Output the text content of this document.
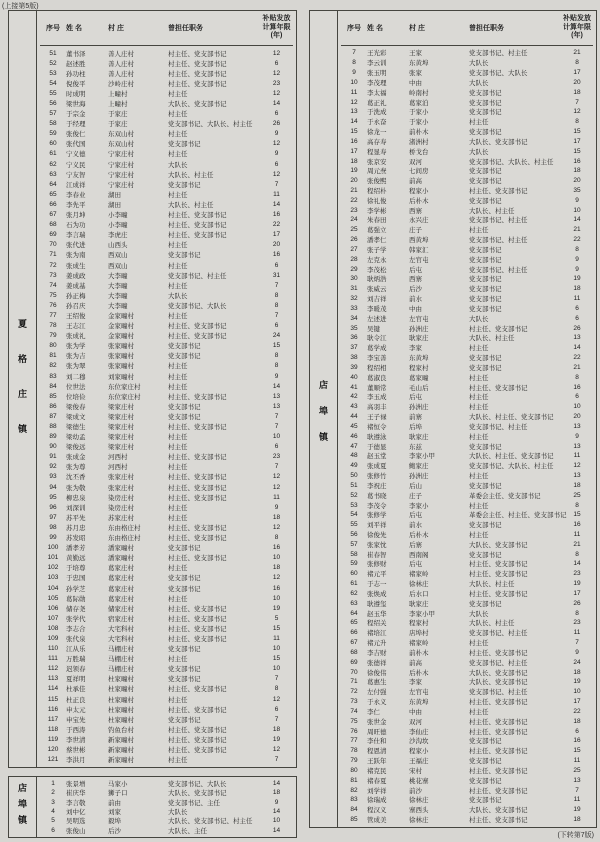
(上接第5版)
夏格庄镇
序号 姓 名	村 庄	曾担任职务
补贴发放
计算年限(年)
51	董书泽	善人庄村	村主任、党支部书记	12
52	赵述胜	善人庄村	村主任、党支部书记	6
53	孙功柱	善人庄村	村主任、党支部书记	12
54	倪俊平	沙岭庄村	村主任、党支部书记	23
55	时成明	上疃村	村主任	12
56	梁世海	上疃村	大队长、党支部书记	14
57	于宗金	于家庄	村主任	6
58	于经理	于家庄	党支部书记、大队长、村主任	26
59	张俊仁	东双山村	村主任	9
60	张代国	东双山村	党支部书记	12
61	宁义德	宁家庄村	村主任	9
62	宁义民	宁家庄村	大队长	6
63	宁友智	宁家庄村	大队长、村主任	12
64	江成祥	宁家庄村	党支部书记	7
65	李春业	湖田	村主任	11
66	李先平	湖田	大队长、村主任	14
67	张月坤	小李疃	村主任、党支部书记	16
68	石为功	小李疃	村主任、党支部书记	22
69	李言瑞	李虎庄	村主任、党支部书记	17
70	张代进	山西头	村主任	20
71	张为南	西双山	党支部书记	16
72	张成生	西双山	村主任	6
73	姜成政	大李疃	党支部书记、村主任	31
74	姜成基	大李疃	村主任	7
75	孙正梅	大李疃	大队长	8
76	孙召庆	大李疃	党支部书记、大队长	8
77	王绍俊	金家疃村	村主任	7
78	王志江	金家疃村	村主任、党支部书记	6
79	张成礼	金家疃村	村主任、党支部书记	24
80	张为学	张家疃村	党支部书记	15
81	张为吉	张家疃村	党支部书记	8
82	张为翠	张家疃村	村主任	8
83	刘二穆	刘家疃村	村主任	9
84	位世法	东位家庄村	村主任	14
85	位培俭	东位家庄村	村主任、党支部书记	13
86	梁俊春	梁家庄村	党支部书记	13
87	梁成文	梁家庄村	党支部书记	7
88	梁德生	梁家庄村	村主任、党支部书记	7
89	梁幼孟	梁家庄村	村主任	10
90	梁俊远	梁家庄村	村主任	6
91	张成金	河西村	村主任、党支部书记	23
92	张为尊	河西村	村主任	7
93	沈丕香	张家庄村	村主任、党支部书记	12
94	张为敬	张家庄村	村主任、党支部书记	12
95	柳忠泉	染房庄村	村主任、党支部书记	11
96	刘深训	染房庄村	村主任	9
97	苏平先	苏家庄村	村主任	18
98	苏月忠	东由格庄村	村主任、党支部书记	12
99	苏发昭	东由格庄村	村主任、党支部书记	8
100	潘孝芳	潘家疃村	党支部书记	16
101	黄勤远	潘家疃村	村主任、党支部书记	10
102	于培尊	葛家庄村	村主任	18
103	于忠国	葛家庄村	党支部书记	12
104	孙学芝	葛家庄村	党支部书记	16
105	葛际勋	葛家庄村	村主任	10
106	储存尧	储家庄村	村主任、党支部书记	19
107	张学代	宿家庄村	村主任、党支部书记	5
108	李志合	大宅科村	村主任、党支部书记	15
109	张代泉	大宅科村	村主任、党支部书记	11
110	江从乐	马棚庄村	党支部书记	10
111	万胜瑞	马棚庄村	村主任	15
112	迟领春	马棚庄村	党支部书记	10
113	夏祥明	杜家疃村	党支部书记	7
114	杜承佳	杜家疃村	村主任、党支部书记	8
115	杜正良	杜家疃村	村主任	12
116	申太元	杜家疃村	村主任、党支部书记	6
117	申宝先	杜家疃村	党支部书记	7
118	于西涛	钓鱼台村	村主任、党支部书记	18
119	李世清	新家疃村	村主任、党支部书记	19
120	蔡世彬	新家疃村	村主任、党支部书记	12
121	李洪月	新家疃村	村主任	7
店埠镇	1	张景增	马家小	党支部书记、大队长	14
2	崔庆华	狮子口	大队长、党支部书记	18
3	李言敬	前由	党支部书记、主任	9
4	刘中亿	刘家	大队长	14
5	吴明选	毅埠	大队长、党支部书记、村主任	10
6	张俊山	后沙	大队长、主任	14
店埠镇
序号 姓 名	村 庄	曾担任职务
补贴发放
计算年限(年)
7	王光彩	王家	党支部书记、村主任	21
8	李云训	东黄埠	大队长	8
9	张玉明	张家	党支部书记、大队长	17
10	李茂理	中由	大队长	20
11	李太福	岭南村	党支部书记	18
12	葛正礼	葛家泊	党支部书记	7
13	于洗成	于家小	党支部书记	12
14	于永奋	于家小	村主任	8
15	徐龙一	前朴木	党支部书记	15
16	高存寿	渚洲村	大队长、党支部书记	17
17	程显寿	桥戈台	大队长	15
18	张京安	双河	党支部书记、大队长、村主任	16
19	周元焘	七间房	党支部书记	18
20	张俊熙	前高	党支部书记	20
21	程绍朴	程家小	村主任、党支部书记	35
22	徐礼俊	后朴木	党支部书记	9
23	李学彬	西寨	大队长、村主任	10
24	朱春田	永兴庄	党支部书记、村主任	14
25	葛强立	庄子	村主任	21
26	潘孝仁	西黄埠	党支部书记、村主任	22
27	张子学	韩家汇	党支部书记	8
28	左克永	左官屯	党支部书记	9
29	李茂松	后屯	党支部书记、村主任	9
30	耿炳浩	西寨	党支部书记	19
31	张威云	后沙	党支部书记	18
32	刘吉祥	前水	党支部书记	11
33	李暖茂	中由	党支部书记	6
34	左述进	左官屯	大队长	6
35	吴键	孙洲庄	村主任、党支部书记	26
36	耿令江	耿家庄	大队长、村主任	13
37	葛学成	李家	村主任	14
38	李宝善	东黄埠	党支部书记	22
39	程绍相	程家村	党支部书记	21
40	葛淑良	葛家疃	村主任	8
41	董顺常	毛山后	村主任、党支部书记	16
42	李玉成	后屯	村主任	6
43	高羽丰	孙洲庄	村主任	10
44	王子禄	前寨	大队长、村主任、党支部书记	20
45	褚恒令	后埠	党支部书记、村主任	13
46	耿遵泳	耿家庄	村主任	9
47	于德显	东兹	党支部书记	13
48	赵玉堂	李家小甲	大队长、村主任、党支部书记	11
49	张成夏	鲍家庄	党支部书记、大队长、村主任	12
50	张修竹	孙洲庄	村主任	13
51	李祝庄	后山	党支部书记	18
52	葛书晓	庄子	革委会主任、党支部书记	25
53	李茂令	李家小	村主任	8
54	张修学	后屯	革委会主任、村主任、党支部书记	15
55	刘平祥	前水	党支部书记	16
56	徐俊先	后朴木	村主任	11
57	张家忱	后寨	大队长、党支部书记	21
58	崔春智	西南阁	党支部书记	8
59	张修财	后屯	村主任、党支部书记	14
60	褚元平	褚家岭	村主任、党支部书记	23
61	于志一	徐林庄	大队长、村主任	19
62	张焕成	后水口	村主任、党支部书记	17
63	耿遵玺	耿家庄	党支部书记	26
64	赵玉华	李家小甲	大队长	8
65	程绍关	程家村	大队长、村主任	23
66	褚培江	店埠村	党支部书记、村主任	11
67	褚元升	褚家岭	村主任	7
68	李吉财	前朴木	村主任、党支部书记	9
69	张德祥	前高	党支部书记、村主任	24
70	徐俊伟	后朴木	大队长、党支部书记	18
71	葛惠生	李家	大队长、党支部书记	19
72	左付强	左官屯	党支部书记、村主任	10
73	于永义	东黄埠	村主任、党支部书记	17
74	李仁	中由	村主任	22
75	张世金	双河	村主任、党支部书记	18
76	周旺德	李仙庄	村主任、党支部书记	6
77	李仕和	沙沟坎	党支部书记	16
78	程恩清	程家小	村主任、党支部书记	15
79	王跃年	王福庄	党支部书记	11
80	褚克民	宋村	村主任、党支部书记	25
81	褚春夏	桃花寨	党支部书记	13
82	刘学祥	前沙	村主任、党支部书记	7
83	徐瑞成	徐林庄	党支部书记	11
84	程汉义	寨西头	大队长、党支部书记	19
85	管成美	徐林庄	村主任、党支部书记	18
(下转第7版)
